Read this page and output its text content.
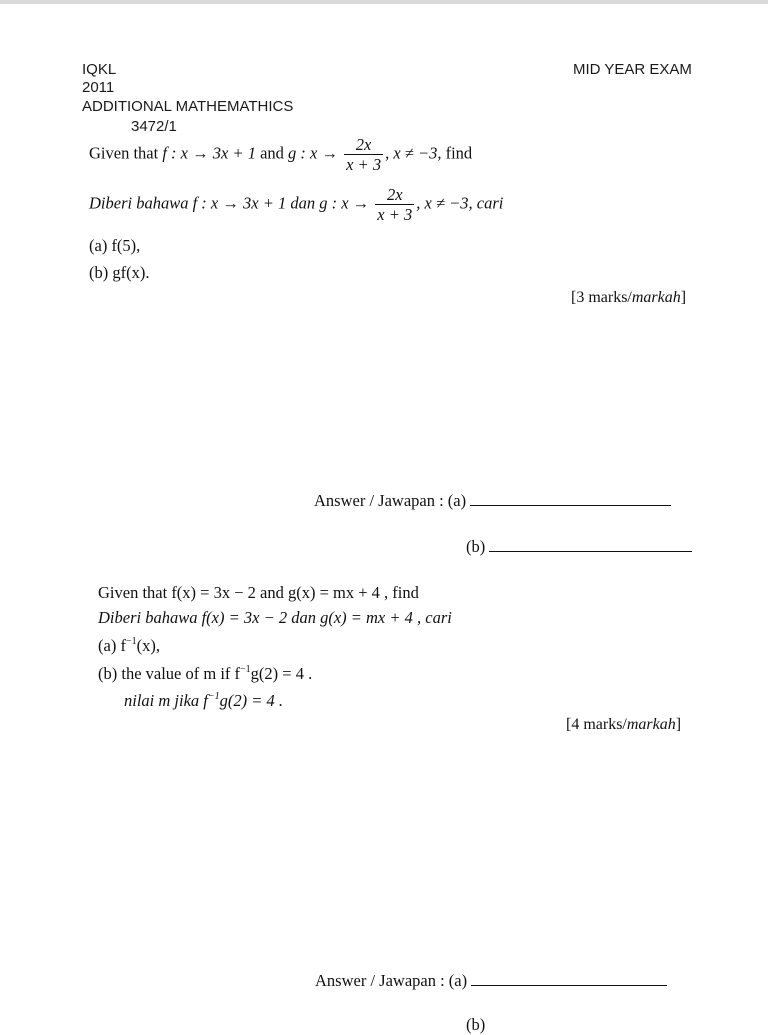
IQKL	MID YEAR EXAM
2011
ADDITIONAL MATHEMATHICS
3472/1
Given that f : x → 3x + 1 and g : $x \to \frac{2x}{x + 3}$ , x ≠ −3, find
Diberi bahawa f : x → 3x + 1 dan g : $x \to \frac{2x}{x + 3}$ , x ≠ −3, cari
(a) f(5),
(b) gf(x).
[3 marks/markah]
Answer / Jawapan : (a)
(b)
Given that f(x) = 3x − 2 and g(x) = mx + 4 , find
Diberi bahawa f(x) = 3x − 2 dan g(x) = mx + 4 , cari
(a) $f^{-1}(x)$,
(b) the value of m if $f^{-1}g(2) = 4$ .
nilai m jika $f^{-1}g(2) = 4$ .
[4 marks/markah]
Answer / Jawapan : (a)
(b)
